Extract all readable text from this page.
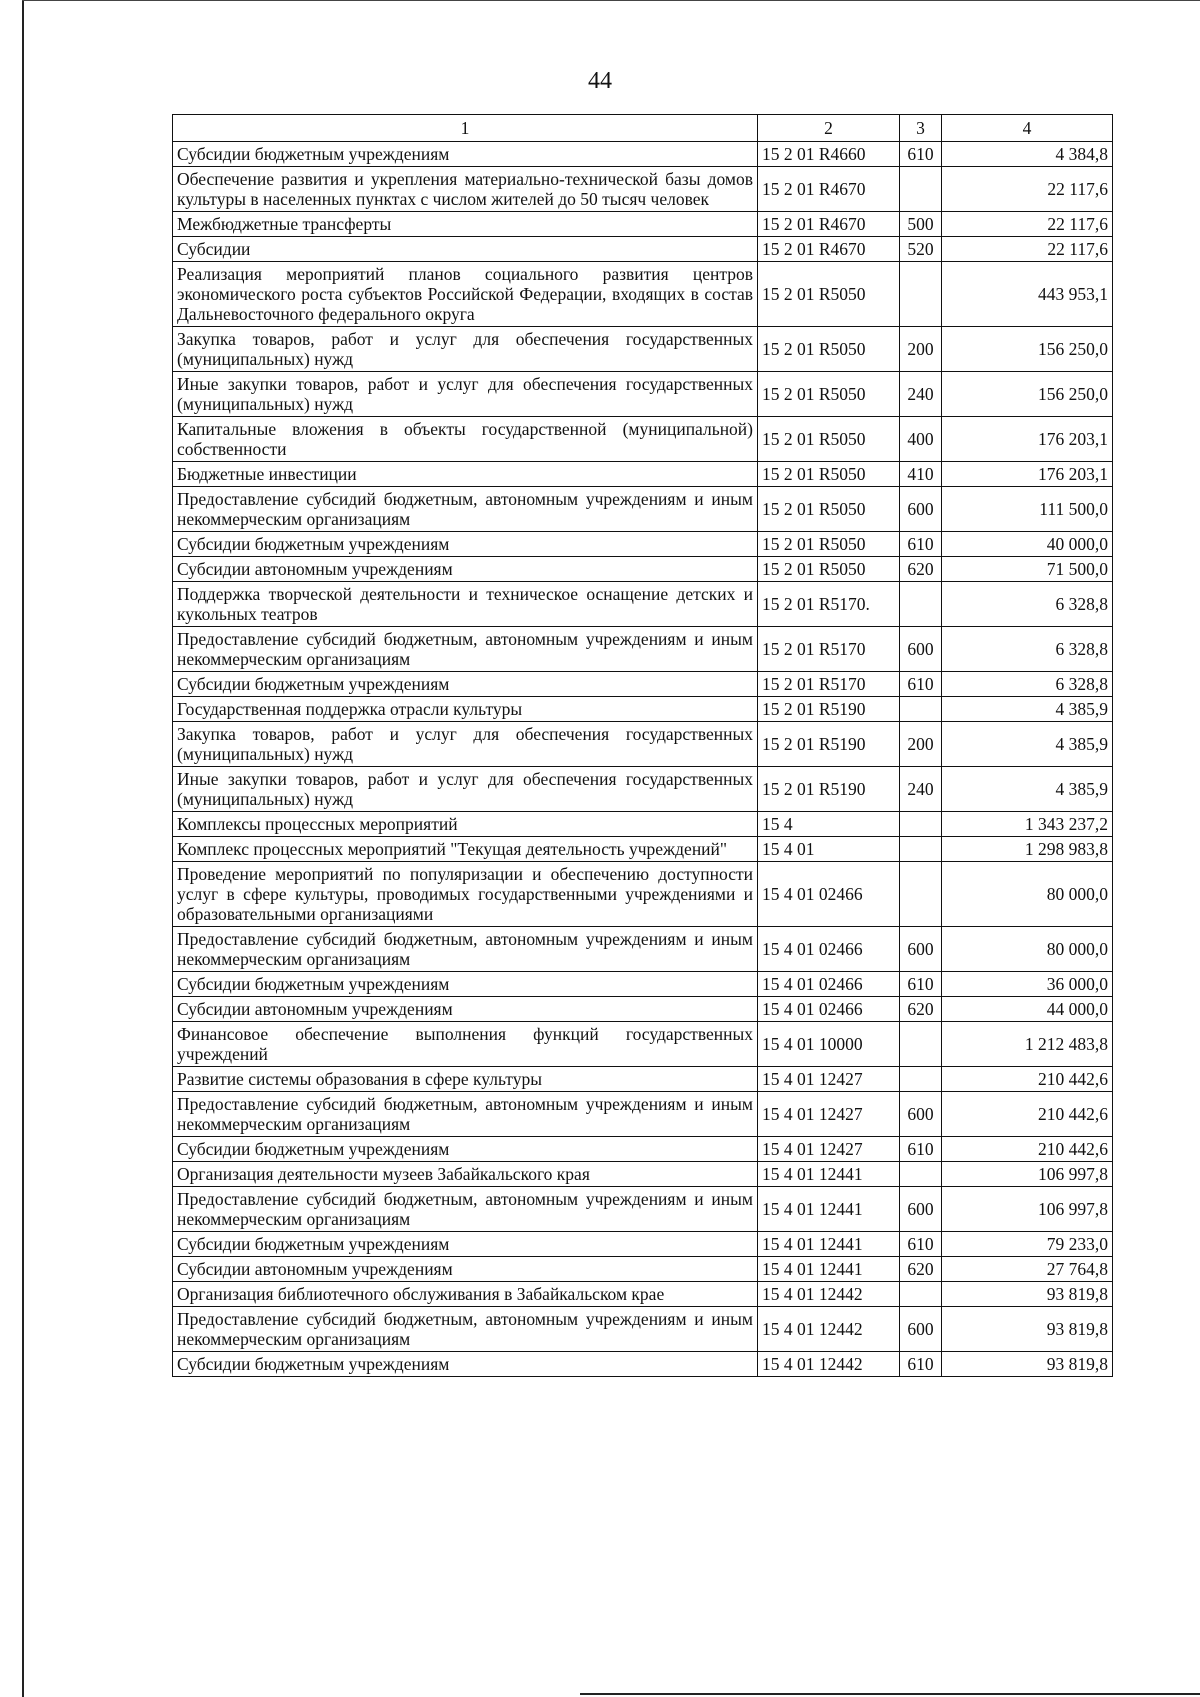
44
1	2	3	4
Субсидии бюджетным учреждениям	15 2 01 R4660	610	4 384,8
Обеспечение развития и укрепления материально-технической базы домов культуры в населенных пунктах с числом жителей до 50 тысяч человек	15 2 01 R4670		22 117,6
Межбюджетные трансферты	15 2 01 R4670	500	22 117,6
Субсидии	15 2 01 R4670	520	22 117,6
Реализация мероприятий планов социального развития центров экономического роста субъектов Российской Федерации, входящих в состав Дальневосточного федерального округа	15 2 01 R5050		443 953,1
Закупка товаров, работ и услуг для обеспечения государственных (муниципальных) нужд	15 2 01 R5050	200	156 250,0
Иные закупки товаров, работ и услуг для обеспечения государственных (муниципальных) нужд	15 2 01 R5050	240	156 250,0
Капитальные вложения в объекты государственной (муниципальной) собственности	15 2 01 R5050	400	176 203,1
Бюджетные инвестиции	15 2 01 R5050	410	176 203,1
Предоставление субсидий бюджетным, автономным учреждениям и иным некоммерческим организациям	15 2 01 R5050	600	111 500,0
Субсидии бюджетным учреждениям	15 2 01 R5050	610	40 000,0
Субсидии автономным учреждениям	15 2 01 R5050	620	71 500,0
Поддержка творческой деятельности и техническое оснащение детских и кукольных театров	15 2 01 R5170.		6 328,8
Предоставление субсидий бюджетным, автономным учреждениям и иным некоммерческим организациям	15 2 01 R5170	600	6 328,8
Субсидии бюджетным учреждениям	15 2 01 R5170	610	6 328,8
Государственная поддержка отрасли культуры	15 2 01 R5190		4 385,9
Закупка товаров, работ и услуг для обеспечения государственных (муниципальных) нужд	15 2 01 R5190	200	4 385,9
Иные закупки товаров, работ и услуг для обеспечения государственных (муниципальных) нужд	15 2 01 R5190	240	4 385,9
Комплексы процессных мероприятий	15 4		1 343 237,2
Комплекс процессных мероприятий "Текущая деятельность учреждений"	15 4 01		1 298 983,8
Проведение мероприятий по популяризации и обеспечению доступности услуг в сфере культуры, проводимых государственными учреждениями и образовательными организациями	15 4 01 02466		80 000,0
Предоставление субсидий бюджетным, автономным учреждениям и иным некоммерческим организациям	15 4 01 02466	600	80 000,0
Субсидии бюджетным учреждениям	15 4 01 02466	610	36 000,0
Субсидии автономным учреждениям	15 4 01 02466	620	44 000,0
Финансовое обеспечение выполнения функций государственных учреждений	15 4 01 10000		1 212 483,8
Развитие системы образования в сфере культуры	15 4 01 12427		210 442,6
Предоставление субсидий бюджетным, автономным учреждениям и иным некоммерческим организациям	15 4 01 12427	600	210 442,6
Субсидии бюджетным учреждениям	15 4 01 12427	610	210 442,6
Организация деятельности музеев Забайкальского края	15 4 01 12441		106 997,8
Предоставление субсидий бюджетным, автономным учреждениям и иным некоммерческим организациям	15 4 01 12441	600	106 997,8
Субсидии бюджетным учреждениям	15 4 01 12441	610	79 233,0
Субсидии автономным учреждениям	15 4 01 12441	620	27 764,8
Организация библиотечного обслуживания в Забайкальском крае	15 4 01 12442		93 819,8
Предоставление субсидий бюджетным, автономным учреждениям и иным некоммерческим организациям	15 4 01 12442	600	93 819,8
Субсидии бюджетным учреждениям	15 4 01 12442	610	93 819,8
